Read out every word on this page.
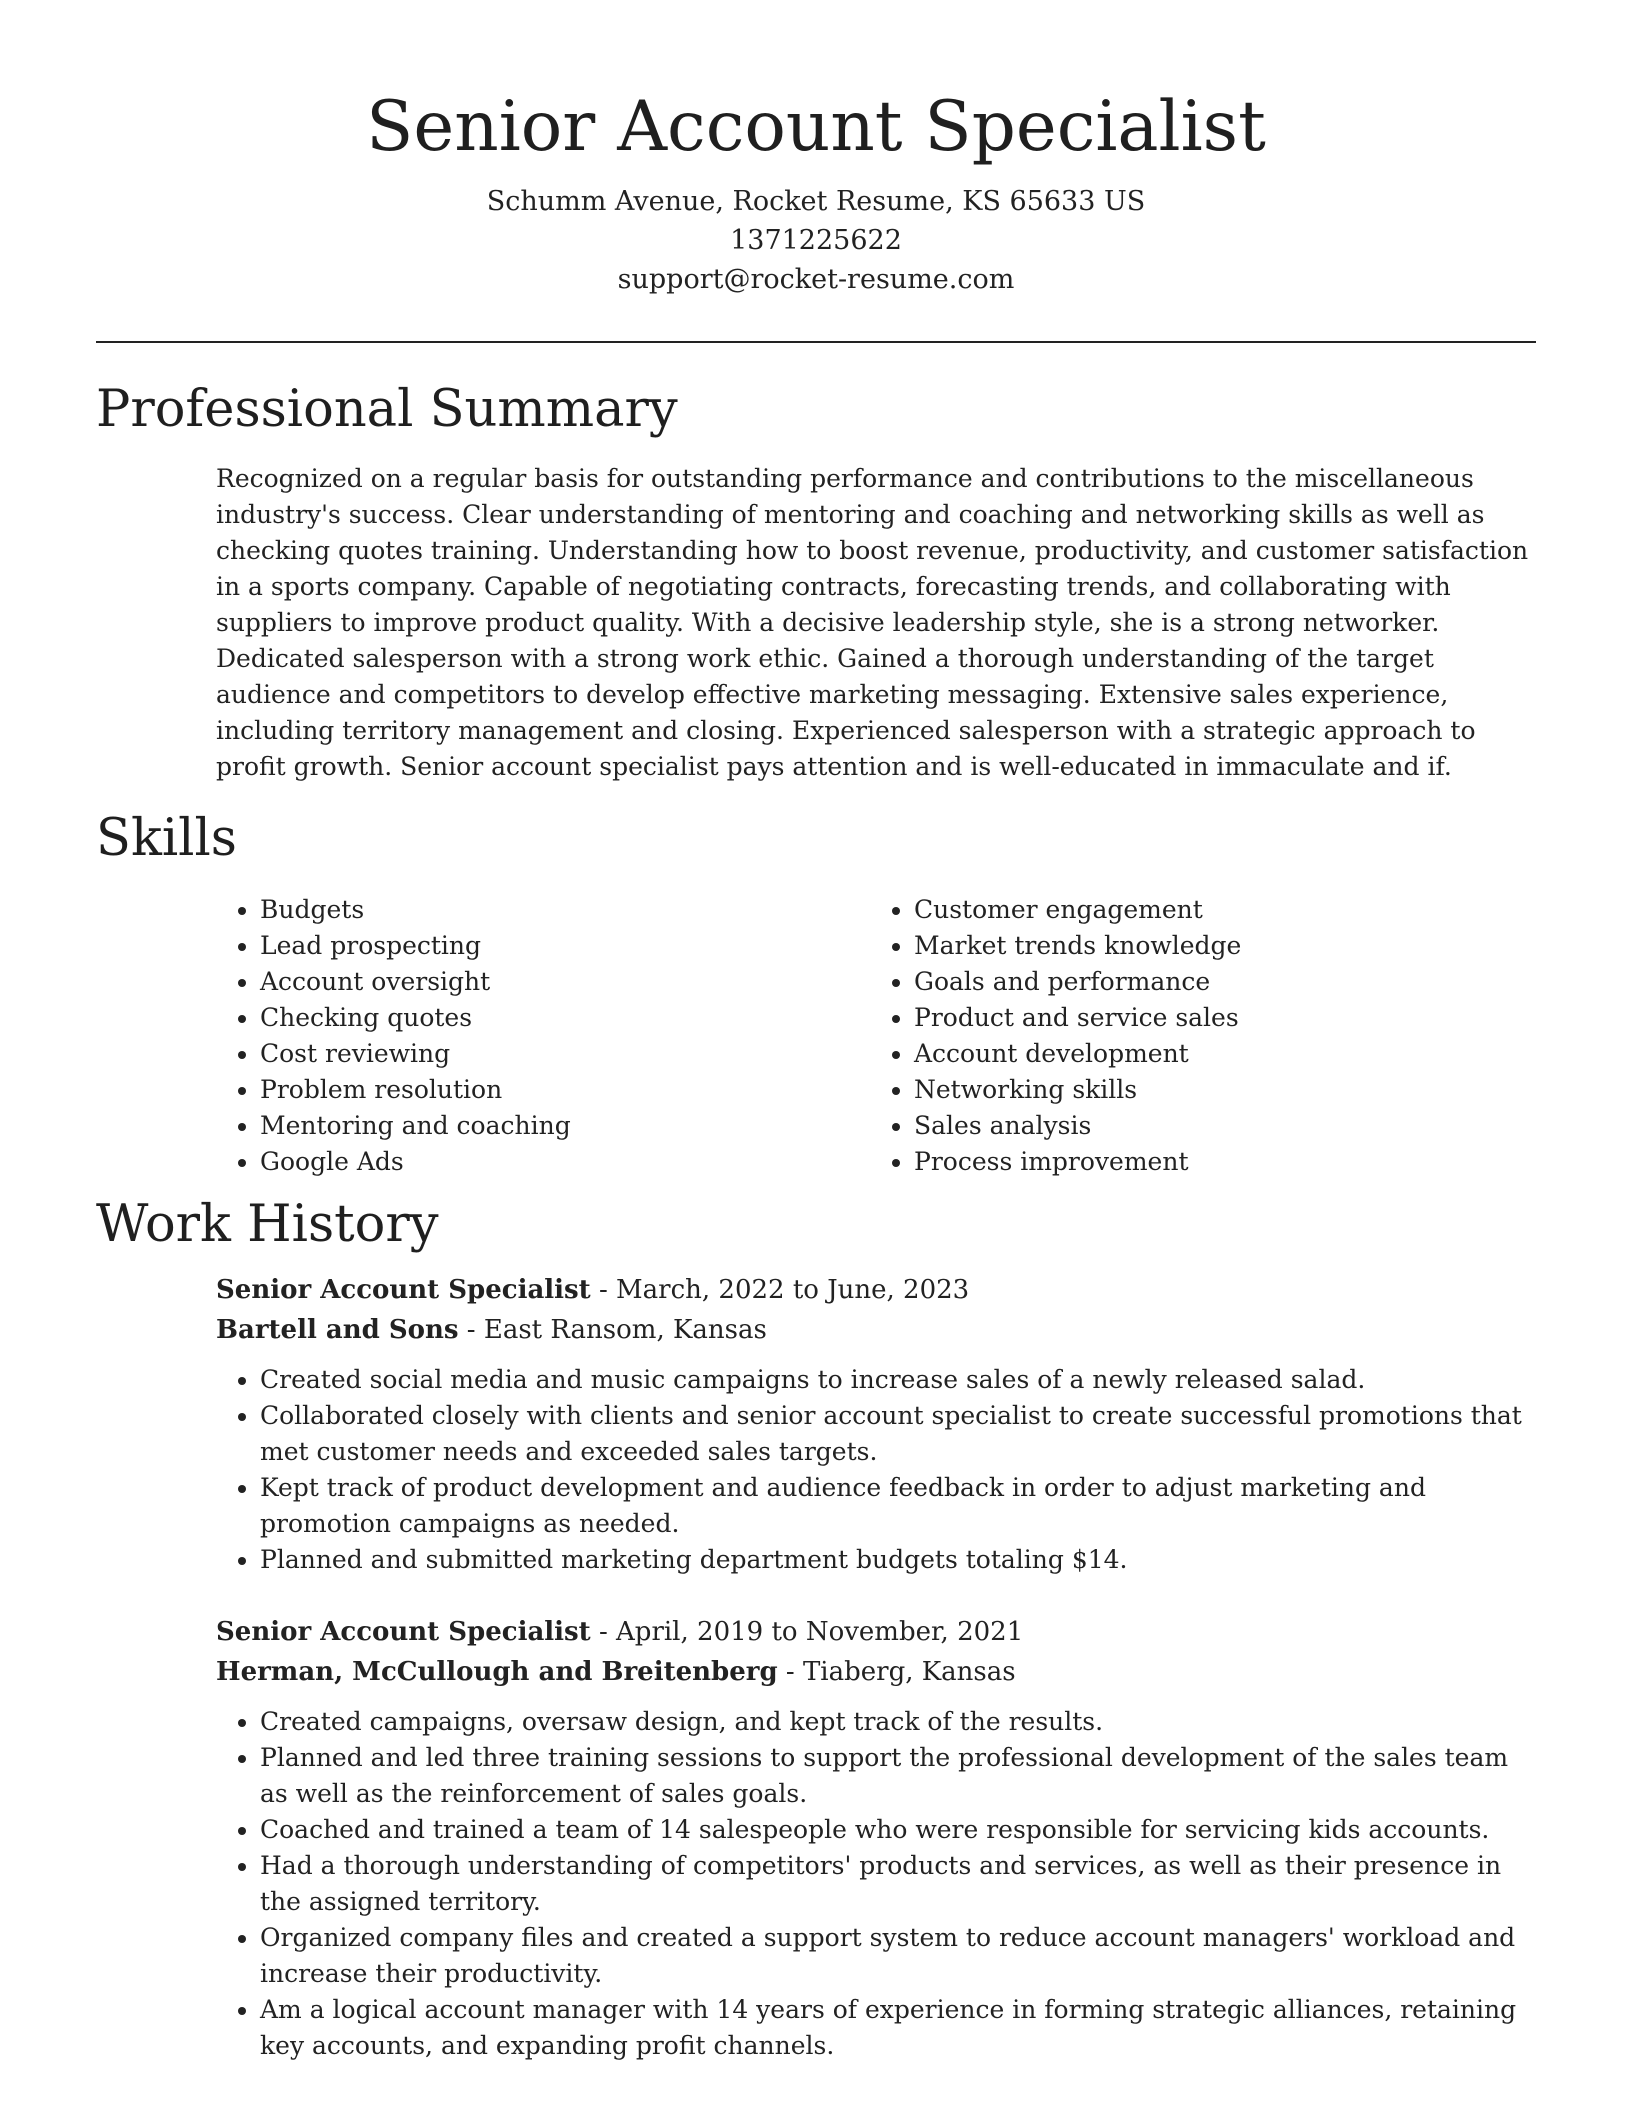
Senior Account Specialist
Schumm Avenue, Rocket Resume, KS 65633 US
1371225622
support@rocket-resume.com
Professional Summary
Recognized on a regular basis for outstanding performance and contributions to the miscellaneous industry's success. Clear understanding of mentoring and coaching and networking skills as well as checking quotes training. Understanding how to boost revenue, productivity, and customer satisfaction in a sports company. Capable of negotiating contracts, forecasting trends, and collaborating with suppliers to improve product quality. With a decisive leadership style, she is a strong networker. Dedicated salesperson with a strong work ethic. Gained a thorough understanding of the target audience and competitors to develop effective marketing messaging. Extensive sales experience, including territory management and closing. Experienced salesperson with a strategic approach to profit growth. Senior account specialist pays attention and is well-educated in immaculate and if.
Skills
• Budgets
• Lead prospecting
• Account oversight
• Checking quotes
• Cost reviewing
• Problem resolution
• Mentoring and coaching
• Google Ads
• Customer engagement
• Market trends knowledge
• Goals and performance
• Product and service sales
• Account development
• Networking skills
• Sales analysis
• Process improvement
Work History
Senior Account Specialist - March, 2022 to June, 2023
Bartell and Sons - East Ransom, Kansas
• Created social media and music campaigns to increase sales of a newly released salad.
• Collaborated closely with clients and senior account specialist to create successful promotions that met customer needs and exceeded sales targets.
• Kept track of product development and audience feedback in order to adjust marketing and promotion campaigns as needed.
• Planned and submitted marketing department budgets totaling $14.
Senior Account Specialist - April, 2019 to November, 2021
Herman, McCullough and Breitenberg - Tiaberg, Kansas
• Created campaigns, oversaw design, and kept track of the results.
• Planned and led three training sessions to support the professional development of the sales team as well as the reinforcement of sales goals.
• Coached and trained a team of 14 salespeople who were responsible for servicing kids accounts.
• Had a thorough understanding of competitors' products and services, as well as their presence in the assigned territory.
• Organized company files and created a support system to reduce account managers' workload and increase their productivity.
• Am a logical account manager with 14 years of experience in forming strategic alliances, retaining key accounts, and expanding profit channels.
